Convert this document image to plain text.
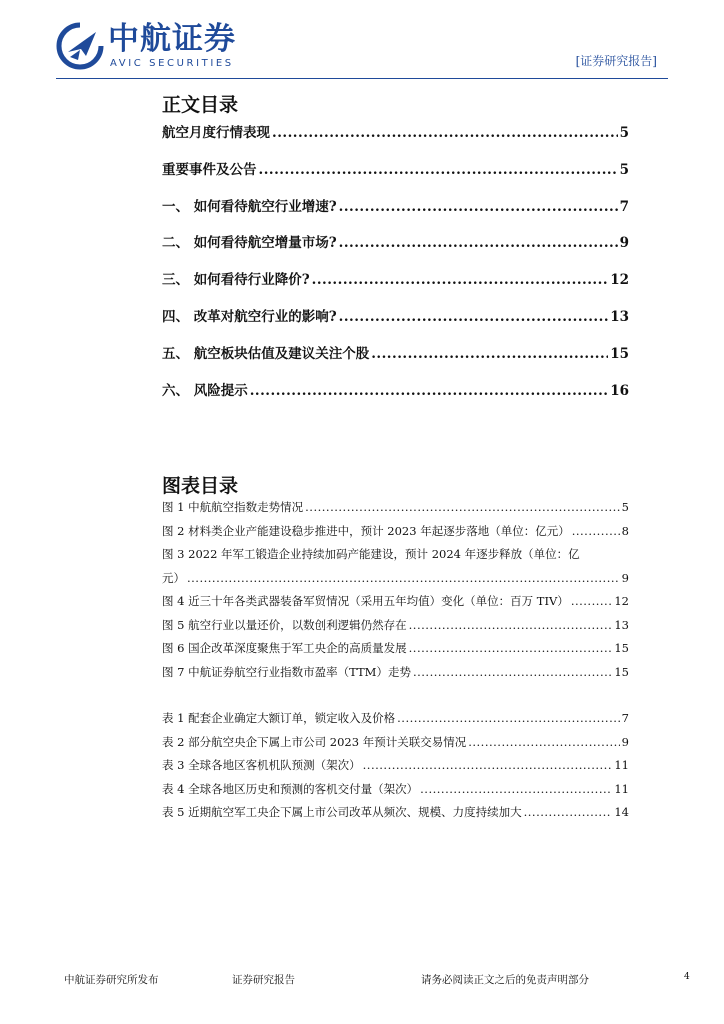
中航证券
AVIC SECURITIES	[证券研究报告]
正文目录
航空月度行情表现 .....	5
重要事件及公告 .....	5
一、 如何看待航空行业增速? .....	7
二、 如何看待航空增量市场? .....	9
三、 如何看待行业降价? .....	12
四、 改革对航空行业的影响? .....	13
五、 航空板块估值及建议关注个股 .....	15
六、 风险提示 .....	16
图表目录
图 1 中航航空指数走势情况 .....	5
图 2 材料类企业产能建设稳步推进中，预计 2023 年起逐步落地（单位：亿元） .....	8
图 3 2022 年军工锻造企业持续加码产能建设，预计 2024 年逐步释放（单位：亿
元） .....	9
图 4 近三十年各类武器装备军贸情况（采用五年均值）变化（单位：百万 TIV） .....	12
图 5 航空行业以量还价，以数创利逻辑仍然存在 .....	13
图 6 国企改革深度聚焦于军工央企的高质量发展 .....	15
图 7 中航证券航空行业指数市盈率（TTM）走势 .....	15
表 1 配套企业确定大额订单，锁定收入及价格 .....	7
表 2 部分航空央企下属上市公司 2023 年预计关联交易情况 .....	9
表 3 全球各地区客机机队预测（架次） .....	11
表 4 全球各地区历史和预测的客机交付量（架次） .....	11
表 5 近期航空军工央企下属上市公司改革从频次、规模、力度持续加大 .....	14
中航证券研究所发布	证券研究报告	请务必阅读正文之后的免责声明部分	4
